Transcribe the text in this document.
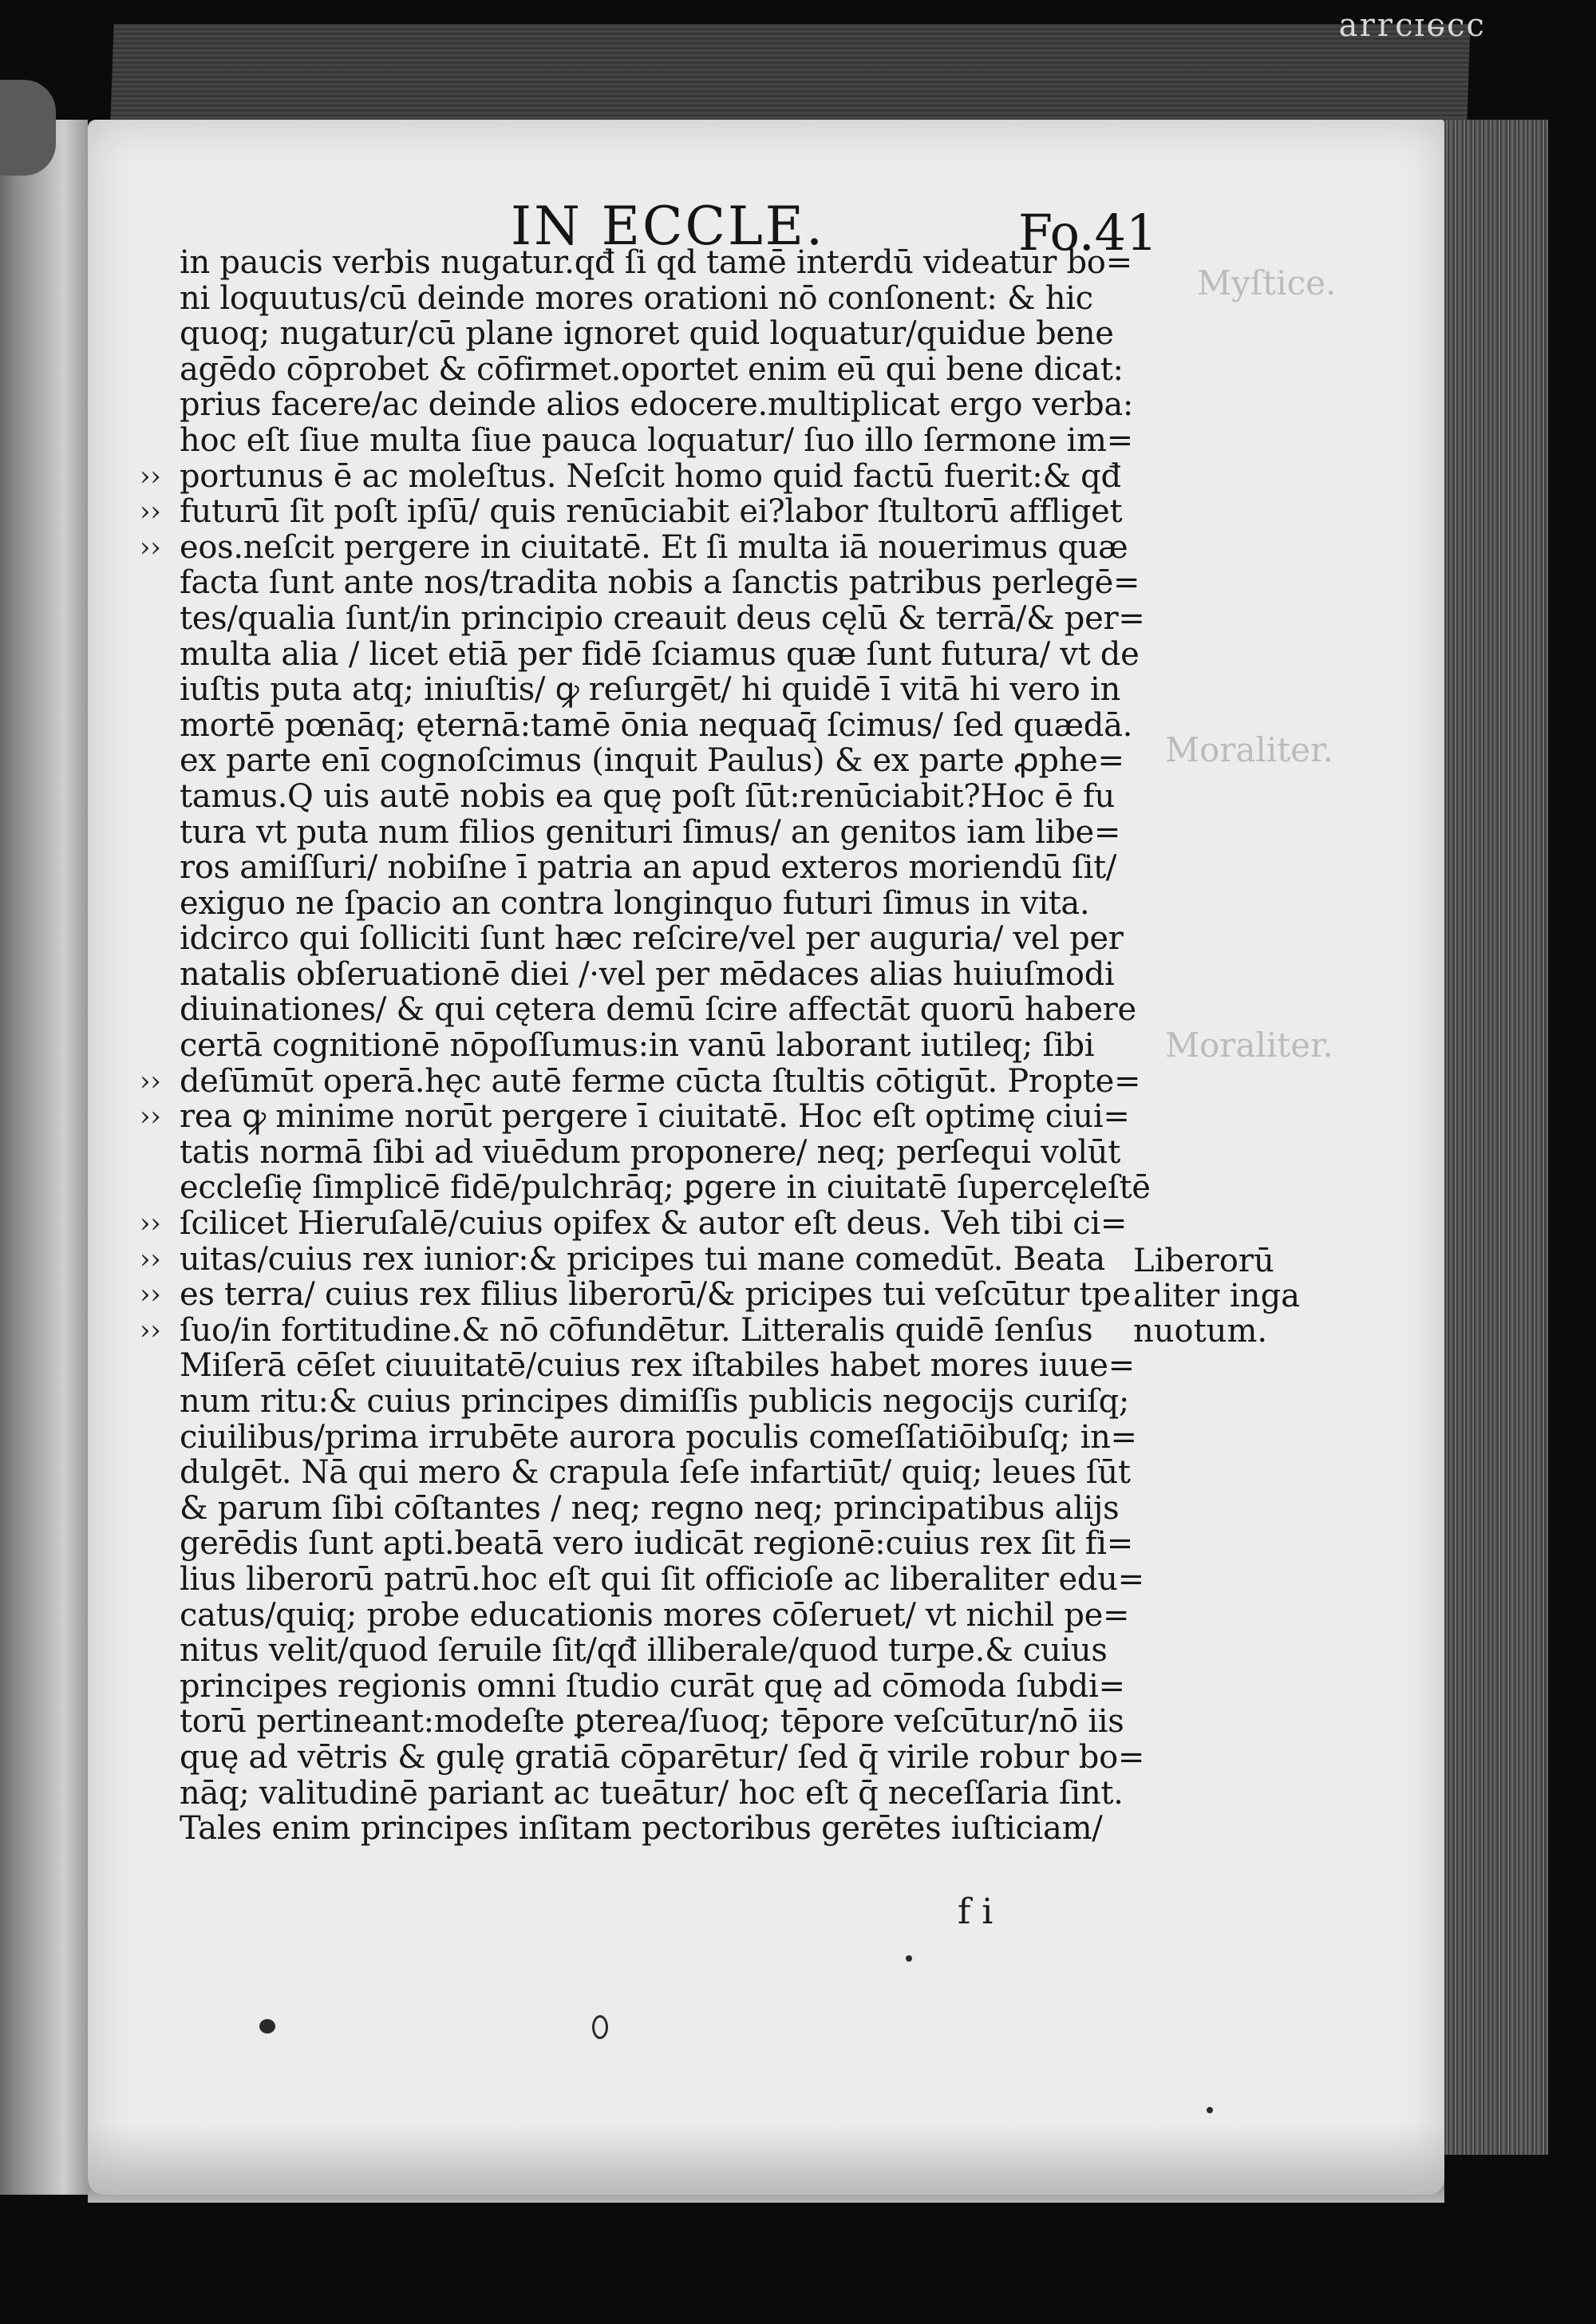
ɔɔɘɪɔɹɹɐ
IN ECCLE.	Fo.41
Myſtice.
Moraliter.
Moraliter.
in paucis verbis nugatur.qđ ſi qd tamē interdū videatur bo=
ni loquutus/cū deinde mores orationi nō conſonent: & hic
quoq; nugatur/cū plane ignoret quid loquatur/quidue bene
agēdo cōprobet & cōfirmet.oportet enim eū qui bene dicat:
prius facere/ac deinde alios edocere.multiplicat ergo verba:
hoc eſt ſiue multa ſiue pauca loquatur/ ſuo illo ſermone im=
›› portunus ē ac moleſtus. Neſcit homo quid factū fuerit:& qđ
›› futurū ſit poſt ipſū/ quis renūciabit ei?labor ſtultorū affliget
›› eos.neſcit pergere in ciuitatē. Et ſi multa iā nouerimus quæ
facta ſunt ante nos/tradita nobis a ſanctis patribus perlegē=
tes/qualia ſunt/in principio creauit deus cęlū & terrā/& per=
multa alia / licet etiā per fidē ſciamus quæ ſunt futura/ vt de
iuſtis puta atq; iniuſtis/ ꝙ reſurgēt/ hi quidē ī vitā hi vero in
mortē pœnāq; ęternā:tamē ōnia nequaq̄ ſcimus/ ſed quædā.
ex parte enī cognoſcimus (inquit Paulus) & ex parte ꝓphe=
tamus.Q uis autē nobis ea quę poſt ſūt:renūciabit?Hoc ē fu
tura vt puta num filios genituri ſimus/ an genitos iam libe=
ros amiſſuri/ nobiſne ī patria an apud exteros moriendū ſit/
exiguo ne ſpacio an contra longinquo futuri ſimus in vita.
idcirco qui ſolliciti ſunt hæc reſcire/vel per auguria/ vel per
natalis obſeruationē diei /·vel per mēdaces alias huiuſmodi
diuinationes/ & qui cętera demū ſcire affectāt quorū habere
certā cognitionē nōpoſſumus:in vanū laborant iutileq; ſibi
›› deſūmūt operā.hęc autē ferme cūcta ſtultis cōtigūt. Propte=
›› rea ꝙ minime norūt pergere ī ciuitatē. Hoc eſt optimę ciui=
tatis normā ſibi ad viuēdum proponere/ neq; perſequi volūt
eccleſię ſimplicē fidē/pulchrāq; ꝑgere in ciuitatē ſupercęleſtē
›› ſcilicet Hieruſalē/cuius opifex & autor eſt deus. Veh tibi ci=
›› uitas/cuius rex iunior:& pricipes tui mane comedūt. Beata
›› es terra/ cuius rex filius liberorū/& pricipes tui veſcūtur tpe
›› ſuo/in fortitudine.& nō cōfundētur. Litteralis quidē ſenſus
Miſerā cēſet ciuuitatē/cuius rex iſtabiles habet mores iuue=
num ritu:& cuius principes dimiſſis publicis negocijs curiſq;
ciuilibus/prima irrubēte aurora poculis comeſſatiōibuſq; in=
dulgēt. Nā qui mero & crapula ſeſe infartiūt/ quiq; leues ſūt
& parum ſibi cōſtantes / neq; regno neq; principatibus alijs
gerēdis ſunt apti.beatā vero iudicāt regionē:cuius rex ſit fi=
lius liberorū patrū.hoc eſt qui ſit officioſe ac liberaliter edu=
catus/quiq; probe educationis mores cōſeruet/ vt nichil pe=
nitus velit/quod ſeruile ſit/qđ illiberale/quod turpe.& cuius
principes regionis omni ſtudio curāt quę ad cōmoda ſubdi=
torū pertineant:modeſte ꝑterea/ſuoq; tēpore veſcūtur/nō iis
quę ad vētris & gulę gratiā cōparētur/ ſed q̄ virile robur bo=
nāq; valitudinē pariant ac tueātur/ hoc eſt q̄ neceſſaria ſint.
Tales enim principes inſitam pectoribus gerētes iuſticiam/
Liberorū
aliter inga
nuotum.
f i
